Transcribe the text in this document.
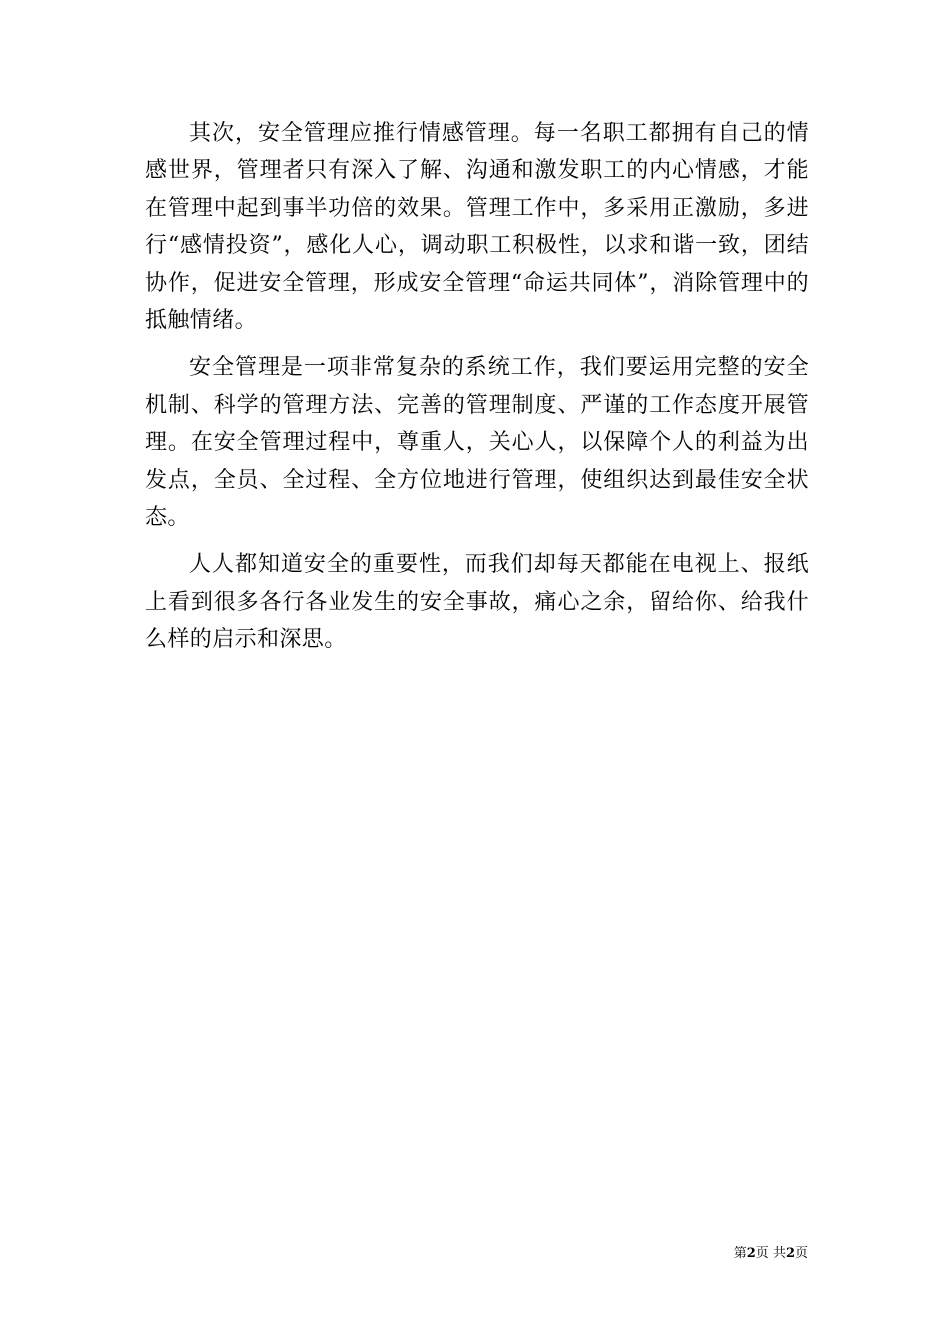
其次，安全管理应推行情感管理。每一名职工都拥有自己的情感世界，管理者只有深入了解、沟通和激发职工的内心情感，才能在管理中起到事半功倍的效果。管理工作中，多采用正激励，多进行“感情投资”，感化人心，调动职工积极性，以求和谐一致，团结协作，促进安全管理，形成安全管理“命运共同体”，消除管理中的抵触情绪。

安全管理是一项非常复杂的系统工作，我们要运用完整的安全机制、科学的管理方法、完善的管理制度、严谨的工作态度开展管理。在安全管理过程中，尊重人，关心人，以保障个人的利益为出发点，全员、全过程、全方位地进行管理，使组织达到最佳安全状态。

人人都知道安全的重要性，而我们却每天都能在电视上、报纸上看到很多各行各业发生的安全事故，痛心之余，留给你、给我什么样的启示和深思。

第2页 共2页
